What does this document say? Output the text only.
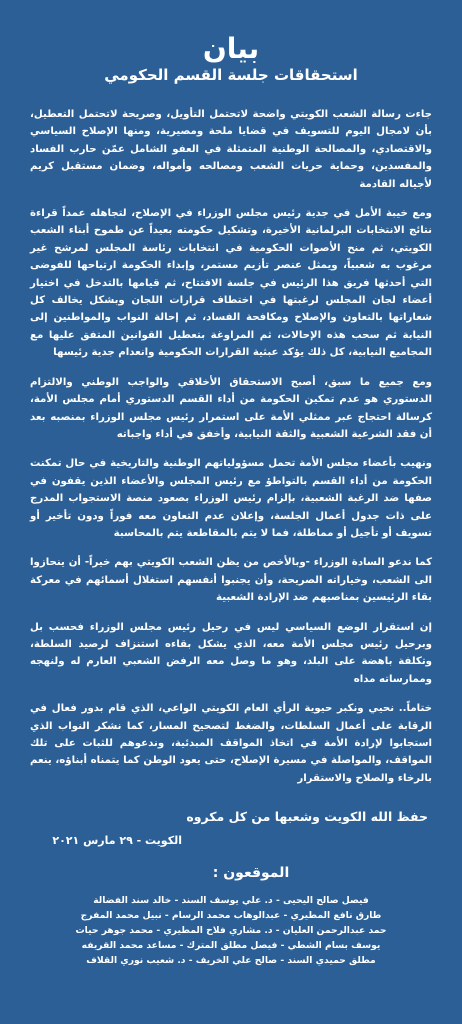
بيان
استحقاقات جلسة القسم الحكومي

جاءت رسالة الشعب الكويتي واضحة لاتحتمل التأويل، وصريحة لاتحتمل التعطيل، بأن لامجال اليوم للتسويف في قضايا ملحة ومصيرية، ومنها الإصلاح السياسي والاقتصادي، والمصالحة الوطنية المتمثلة في العفو الشامل عمّن حارب الفساد والمفسدين، وحماية حريات الشعب ومصالحه وأمواله، وضمان مستقبل كريم لأجياله القادمة

ومع خيبة الأمل في جدية رئيس مجلس الوزراء في الإصلاح، لتجاهله عمداً قراءة نتائج الانتخابات البرلمانية الأخيرة، وتشكيل حكومته بعيداً عن طموح أبناء الشعب الكويتي، ثم منح الأصوات الحكومية في انتخابات رئاسة المجلس لمرشح غير مرغوب به شعبياً، ويمثل عنصر تأزيم مستمر، وإبداء الحكومة ارتياحها للفوضى التي أحدثها فريق هذا الرئيس في جلسة الافتتاح، ثم قيامها بالتدخل في اختيار أعضاء لجان المجلس لرغبتها في اختطاف قرارات اللجان وبشكل يخالف كل شعاراتها بالتعاون والإصلاح ومكافحة الفساد، ثم إحالة النواب والمواطنين إلى النيابة ثم سحب هذه الإحالات، ثم المراوغة بتعطيل القوانين المتفق عليها مع المجاميع النيابية، كل ذلك يؤكد عبثية القرارات الحكومية وانعدام جدية رئيسها

ومع جميع ما سبق، أصبح الاستحقاق الأخلاقي والواجب الوطني والالتزام الدستوري هو عدم تمكين الحكومة من أداء القسم الدستوري أمام مجلس الأمة، كرسالة احتجاج عبر ممثلي الأمة على استمرار رئيس مجلس الوزراء بمنصبه بعد أن فقد الشرعية الشعبية والثقة النيابية، وأخفق في أداء واجباته

ونهيب بأعضاء مجلس الأمة تحمل مسؤولياتهم الوطنية والتاريخية في حال تمكنت الحكومة من أداء القسم بالتواطؤ مع رئيس المجلس والأعضاء الذين يقفون في صفها ضد الرغبة الشعبية، بإلزام رئيس الوزراء بصعود منصة الاستجواب المدرج على ذات جدول أعمال الجلسة، وإعلان عدم التعاون معه فوراً ودون تأخير أو تسويف أو تأجيل أو مماطلة، فما لا يتم بالمقاطعة يتم بالمحاسبة

كما ندعو السادة الوزراء -وبالأخص من يظن الشعب الكويتي بهم خيراً- أن ينحازوا الى الشعب، وخياراته الصريحة، وأن يجنبوا أنفسهم استغلال أسمائهم في معركة بقاء الرئيسين بمناصبهم ضد الإرادة الشعبية

إن استقرار الوضع السياسي ليس في رحيل رئيس مجلس الوزراء فحسب بل وبرحيل رئيس مجلس الأمة معه، الذي يشكل بقاءه استنزاف لرصيد السلطة، وتكلفة باهضة على البلد، وهو ما وصل معه الرفض الشعبي العارم له ولنهجه وممارساته مداه

ختاماً.. نحيي ونكبر حيوية الرأي العام الكويتي الواعي، الذي قام بدور فعال في الرقابة على أعمال السلطات، والضغط لتصحيح المسار، كما نشكر النواب الذي استجابوا لإرادة الأمة في اتخاذ المواقف المبدئية، وندعوهم للثبات على تلك المواقف، والمواصلة في مسيرة الإصلاح، حتى يعود الوطن كما يتمناه أبناؤه، ينعم بالرخاء والصلاح والاستقرار

حفظ الله الكويت وشعبها من كل مكروه

الكويت - ٢٩ مارس ٢٠٢١

الموقعون :

فيصل صالح اليحيى - د. علي يوسف السند - خالد سند الفضالة

طارق نافع المطيري - عبدالوهاب محمد الرسام - نبيل محمد المفرج

حمد عبدالرحمن العليان - د. مشاري فلاح المطيري - محمد جوهر حيات

يوسف بسام الشطي - فيصل مطلق المترك - مساعد محمد القريفه

مطلق حميدي السند - صالح علي الخريف - د. شعيب نوري القلاف
